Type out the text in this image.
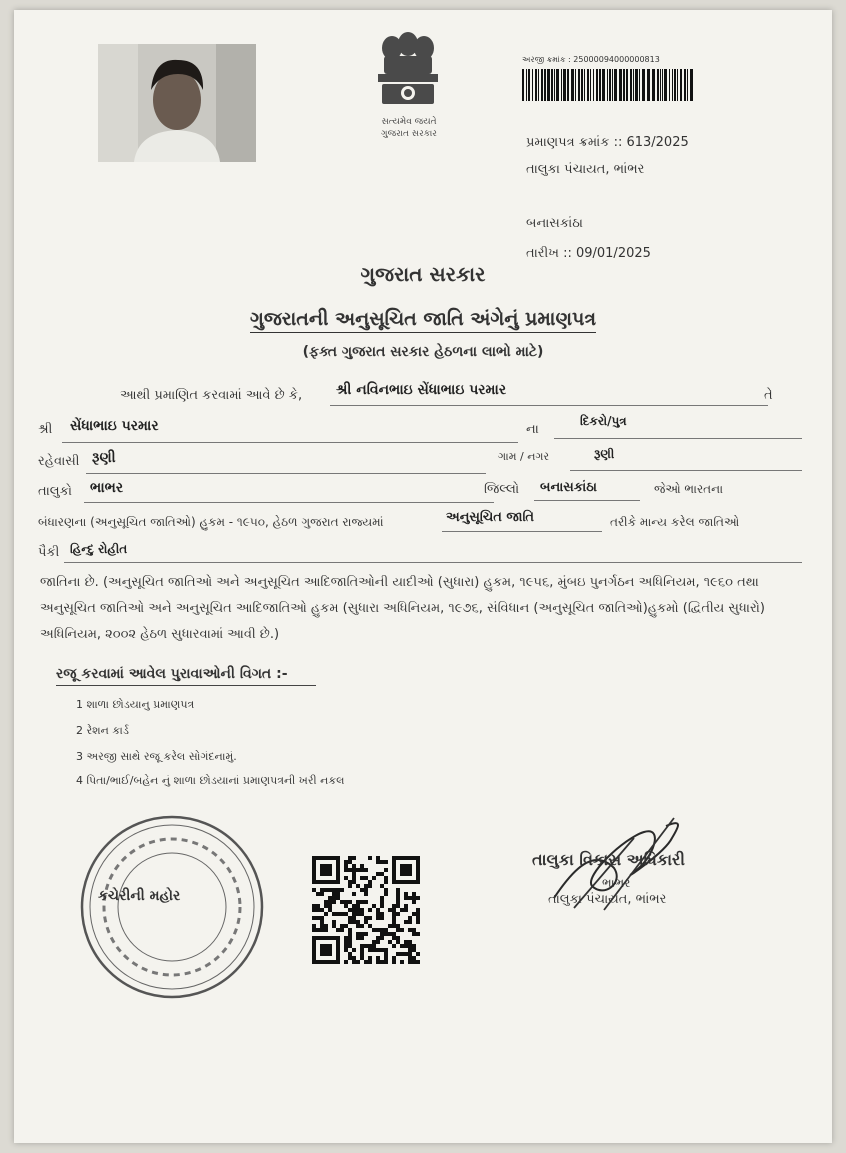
સત્યમેવ જયતે
ગુજરાત સરકાર
અરજી ક્રમાંક : 25000094000000813
પ્રમાણપત્ર ક્રમાંક :: 613/2025
તાલુકા પંચાયત, ભાંભર
બનાસકાંઠા
તારીખ :: 09/01/2025
ગુજરાત સરકાર
ગુજરાતની અનુસૂચિત જાતિ અંગેનું પ્રમાણપત્ર
(ફક્ત ગુજરાત સરકાર હેઠળના લાભો માટે)
આથી પ્રમાણિત કરવામાં આવે છે કે, શ્રી નવિનભાઇ સેંધાભાઇ પરમાર	તે
શ્રી સેંધાભાઇ પરમાર	ના
દિકરો/પુત્ર
રહેવાસી રૂણી	ગામ / નગર	રૂણી
તાલુકો ભાભર	જિલ્લો બનાસકાંઠા	જેઓ ભારતના
બંધારણના (અનુસૂચિત જાતિઓ) હુકમ - ૧૯૫૦, હેઠળ ગુજરાત રાજ્યમાં	અનુસૂચિત જાતિ	તરીકે માન્ય કરેલ જાતિઓ
પૈકી હિન્દુ રોહીત
જાતિના છે. (અનુસૂચિત જાતિઓ અને અનુસૂચિત આદિજાતિઓની યાદીઓ (સુધારા) હુકમ, ૧૯૫૬, મુંબઇ પુનર્ગઠન અધિનિયમ, ૧૯૬૦ તથા અનુસૂચિત જાતિઓ અને અનુસૂચિત આદિજાતિઓ હુકમ (સુધારા અધિનિયમ, ૧૯૭૬, સંવિધાન (અનુસૂચિત જાતિઓ)હુકમો (દ્વિતીય સુધારો) અધિનિયમ, ૨૦૦૨ હેઠળ સુધારવામાં આવી છે.)
રજૂ કરવામાં આવેલ પુરાવાઓની વિગત :-
1 શાળા છોડયાનુ પ્રમાણપત્ર
2 રેશન કાર્ડ
3 અરજી સાથે રજૂ કરેલ સોગંદનામું.
4 પિતા/ભાઈ/બહેન નું શાળા છોડયાનાં પ્રમાણપત્રની ખરી નકલ
કચેરીની મહોર
તાલુકા વિકાસ અધિકારી
ભાભર
તાલુકા પંચાયત, ભાંભર
